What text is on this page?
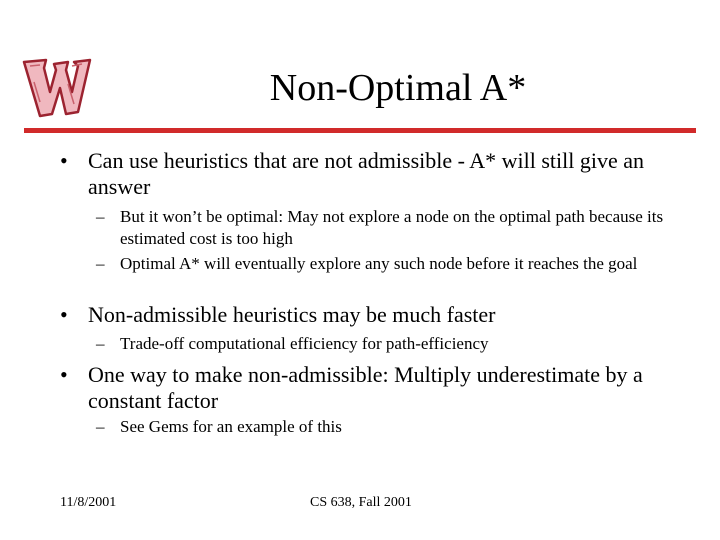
Non-Optimal A*

• Can use heuristics that are not admissible - A* will still give an answer

– But it won’t be optimal: May not explore a node on the optimal path because its estimated cost is too high

– Optimal A* will eventually explore any such node before it reaches the goal

• Non-admissible heuristics may be much faster

– Trade-off computational efficiency for path-efficiency

• One way to make non-admissible: Multiply underestimate by a constant factor

– See Gems for an example of this

11/8/2001	CS 638, Fall 2001
